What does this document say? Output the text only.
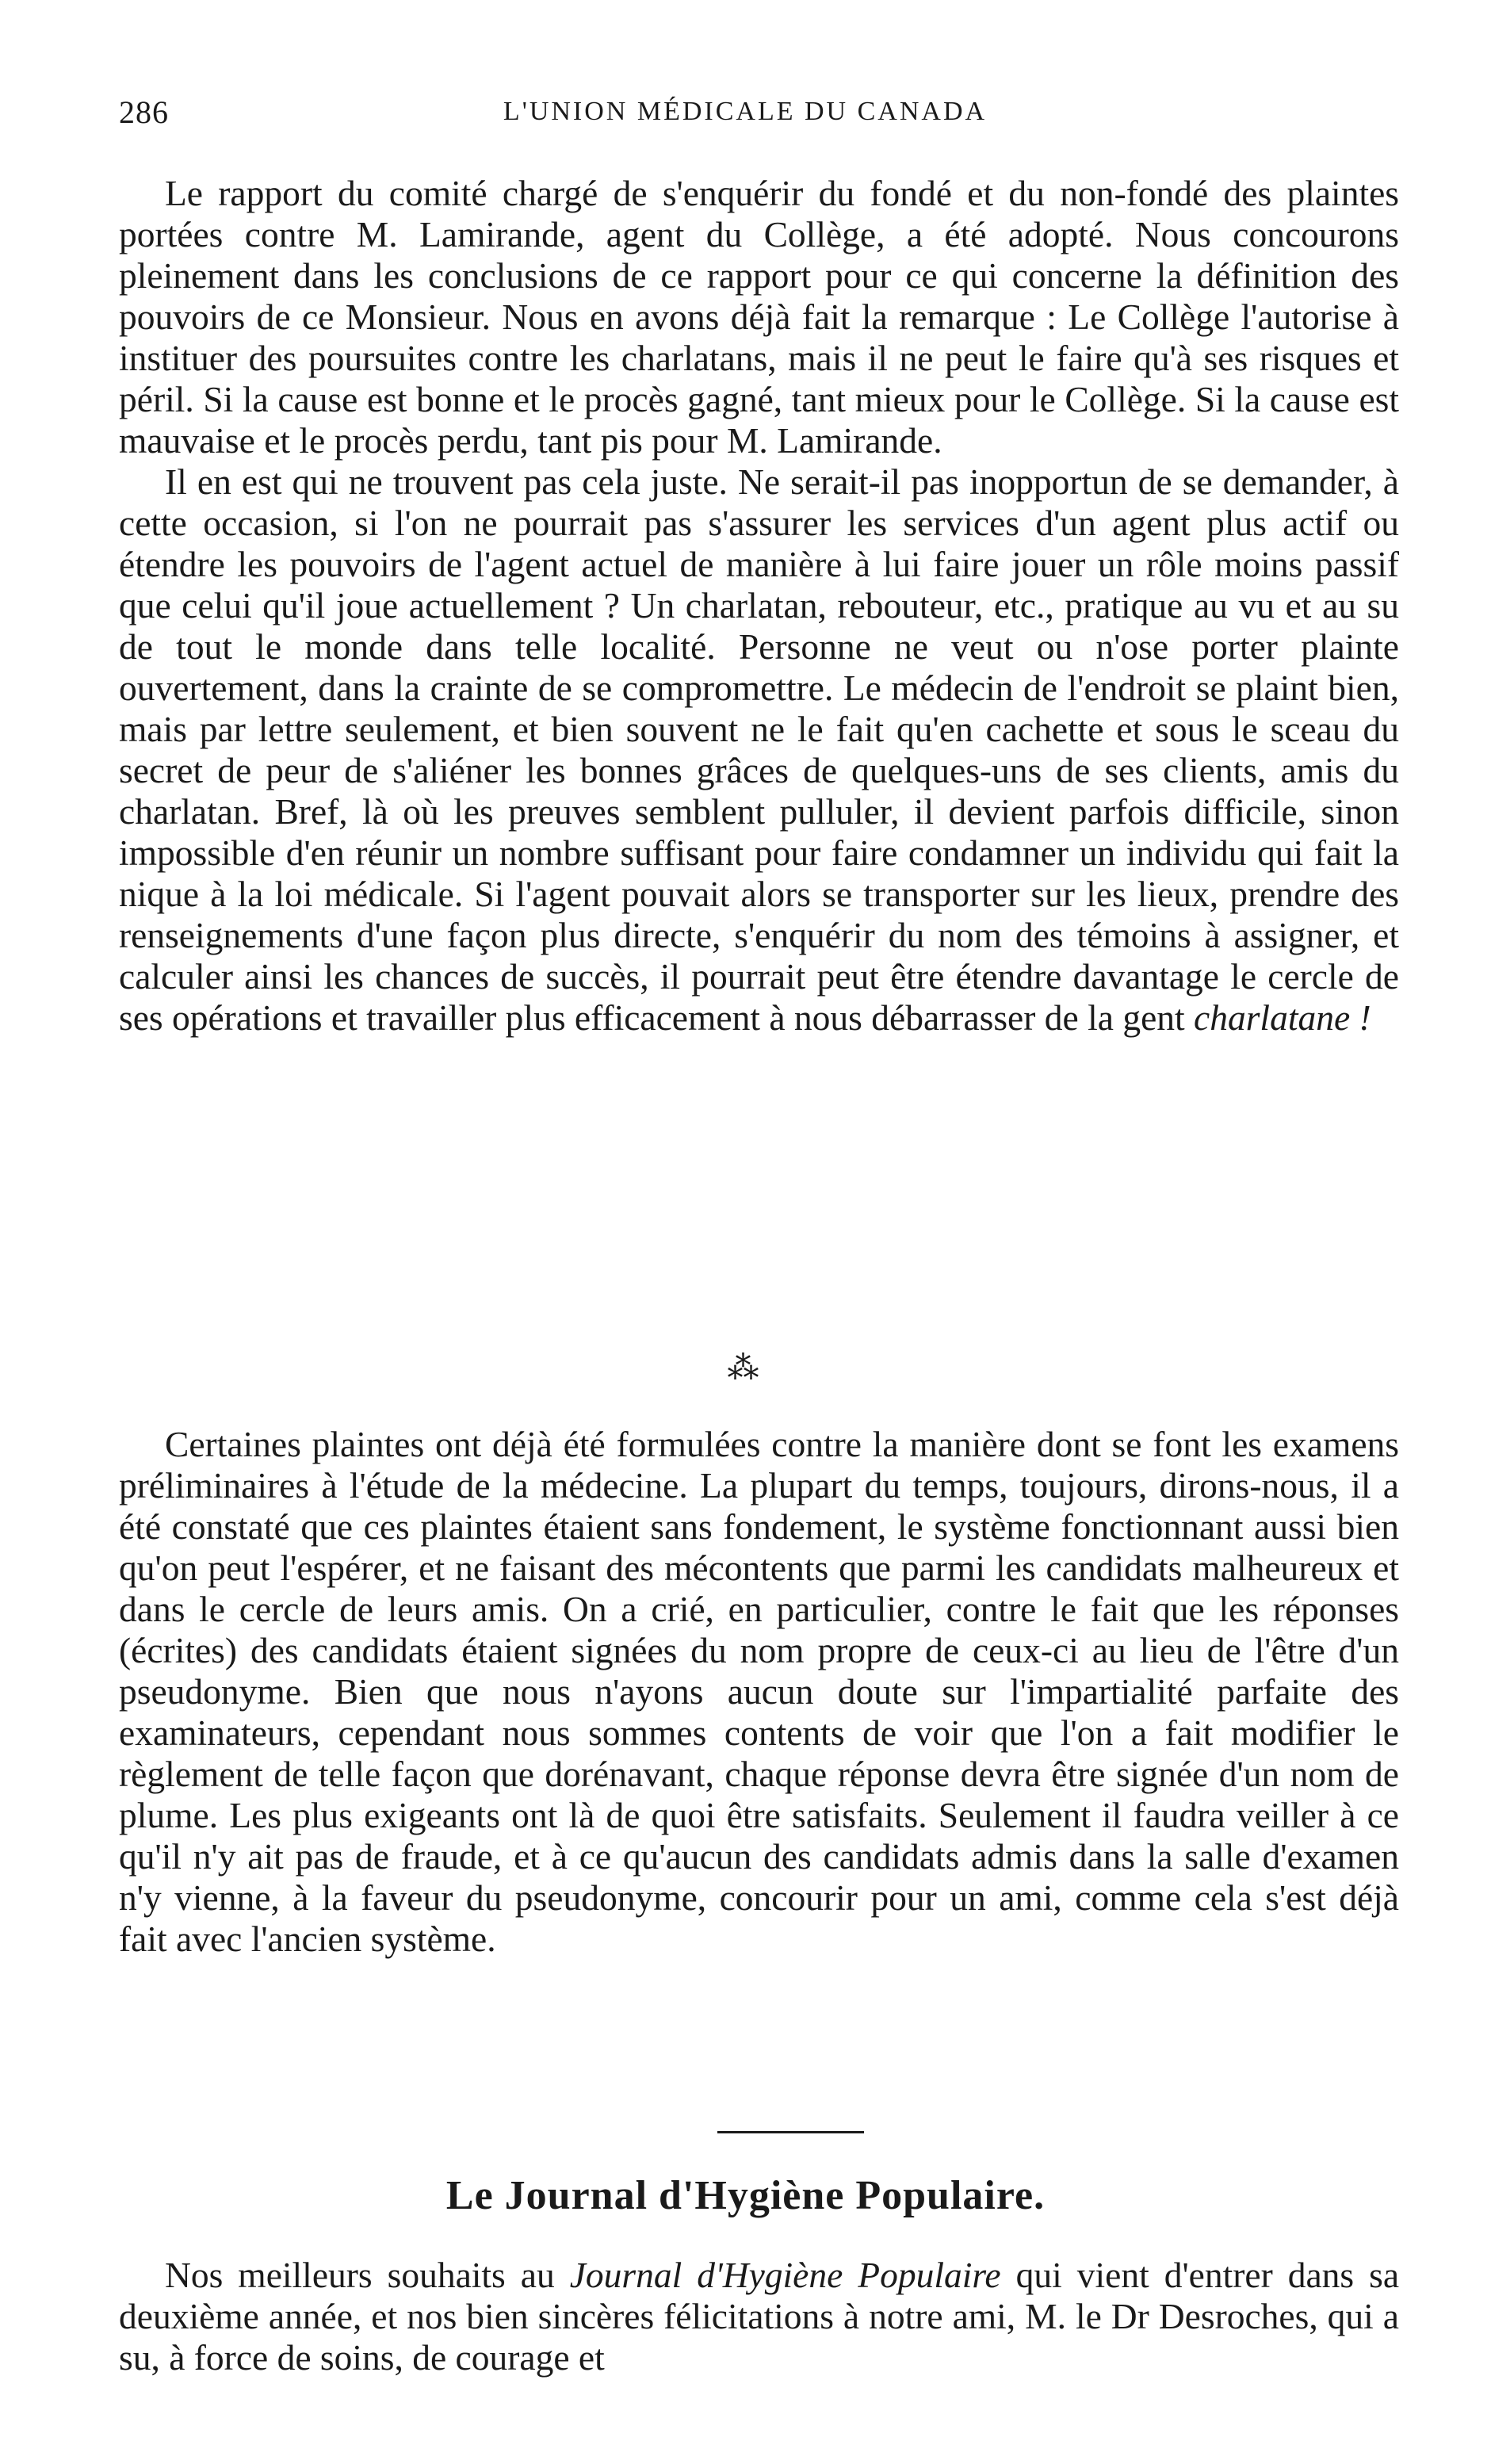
286	L'UNION MÉDICALE DU CANADA

Le rapport du comité chargé de s'enquérir du fondé et du non-fondé des plaintes portées contre M. Lamirande, agent du Collège, a été adopté. Nous concourons pleinement dans les conclusions de ce rapport pour ce qui concerne la définition des pouvoirs de ce Monsieur. Nous en avons déjà fait la remarque : Le Collège l'autorise à instituer des poursuites contre les charlatans, mais il ne peut le faire qu'à ses risques et péril. Si la cause est bonne et le procès gagné, tant mieux pour le Collège. Si la cause est mauvaise et le procès perdu, tant pis pour M. Lamirande.

Il en est qui ne trouvent pas cela juste. Ne serait-il pas inopportun de se demander, à cette occasion, si l'on ne pourrait pas s'assurer les services d'un agent plus actif ou étendre les pouvoirs de l'agent actuel de manière à lui faire jouer un rôle moins passif que celui qu'il joue actuellement ? Un charlatan, rebouteur, etc., pratique au vu et au su de tout le monde dans telle localité. Personne ne veut ou n'ose porter plainte ouvertement, dans la crainte de se compromettre. Le médecin de l'endroit se plaint bien, mais par lettre seulement, et bien souvent ne le fait qu'en cachette et sous le sceau du secret de peur de s'aliéner les bonnes grâces de quelques-uns de ses clients, amis du charlatan. Bref, là où les preuves semblent pulluler, il devient parfois difficile, sinon impossible d'en réunir un nombre suffisant pour faire condamner un individu qui fait la nique à la loi médicale. Si l'agent pouvait alors se transporter sur les lieux, prendre des renseignements d'une façon plus directe, s'enquérir du nom des témoins à assigner, et calculer ainsi les chances de succès, il pourrait peut être étendre davantage le cercle de ses opérations et travailler plus efficacement à nous débarrasser de la gent charlatane !

⁂

Certaines plaintes ont déjà été formulées contre la manière dont se font les examens préliminaires à l'étude de la médecine. La plupart du temps, toujours, dirons-nous, il a été constaté que ces plaintes étaient sans fondement, le système fonctionnant aussi bien qu'on peut l'espérer, et ne faisant des mécontents que parmi les candidats malheureux et dans le cercle de leurs amis. On a crié, en particulier, contre le fait que les réponses (écrites) des candidats étaient signées du nom propre de ceux-ci au lieu de l'être d'un pseudonyme. Bien que nous n'ayons aucun doute sur l'impartialité parfaite des examinateurs, cependant nous sommes contents de voir que l'on a fait modifier le règlement de telle façon que dorénavant, chaque réponse devra être signée d'un nom de plume. Les plus exigeants ont là de quoi être satisfaits. Seulement il faudra veiller à ce qu'il n'y ait pas de fraude, et à ce qu'aucun des candidats admis dans la salle d'examen n'y vienne, à la faveur du pseudonyme, concourir pour un ami, comme cela s'est déjà fait avec l'ancien système.

Le Journal d'Hygiène Populaire.

Nos meilleurs souhaits au Journal d'Hygiène Populaire qui vient d'entrer dans sa deuxième année, et nos bien sincères félicitations à notre ami, M. le Dr Desroches, qui a su, à force de soins, de courage et
